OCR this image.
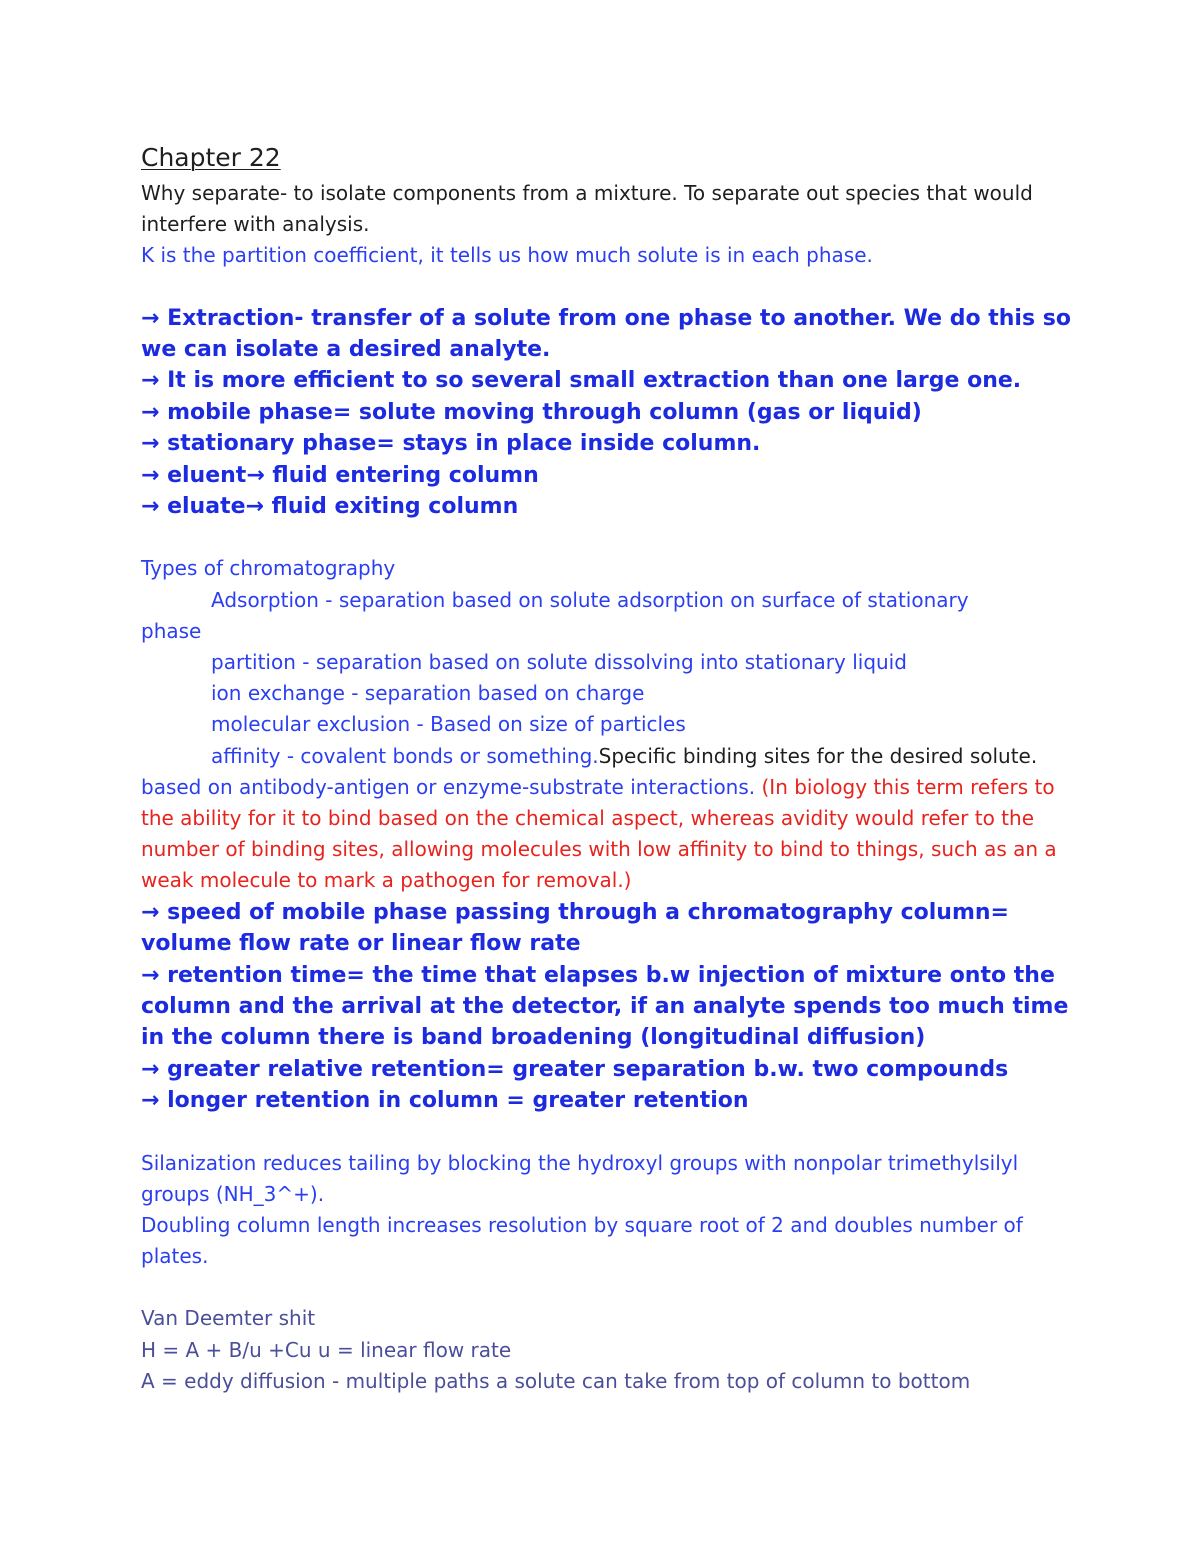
Chapter 22

Why separate- to isolate components from a mixture. To separate out species that would interfere with analysis.

K is the partition coefficient, it tells us how much solute is in each phase.

→ Extraction- transfer of a solute from one phase to another. We do this so we can isolate a desired analyte.

→ It is more efficient to so several small extraction than one large one.

→ mobile phase= solute moving through column (gas or liquid)

→ stationary phase= stays in place inside column.

→ eluent→ fluid entering column

→ eluate→ fluid exiting column

Types of chromatography

Adsorption - separation based on solute adsorption on surface of stationary

phase

partition - separation based on solute dissolving into stationary liquid

ion exchange - separation based on charge

molecular exclusion - Based on size of particles

affinity - covalent bonds or something.Specific binding sites for the desired solute. based on antibody-antigen or enzyme-substrate interactions. (In biology this term refers to the ability for it to bind based on the chemical aspect, whereas avidity would refer to the number of binding sites, allowing molecules with low affinity to bind to things, such as an a weak molecule to mark a pathogen for removal.)

→ speed of mobile phase passing through a chromatography column= volume flow rate or linear flow rate

→ retention time= the time that elapses b.w injection of mixture onto the column and the arrival at the detector, if an analyte spends too much time in the column there is band broadening (longitudinal diffusion)

→ greater relative retention= greater separation b.w. two compounds

→ longer retention in column = greater retention

Silanization reduces tailing by blocking the hydroxyl groups with nonpolar trimethylsilyl groups (NH_3^+).

Doubling column length increases resolution by square root of 2 and doubles number of plates.

Van Deemter shit

H = A + B/u +Cu u = linear flow rate

A = eddy diffusion - multiple paths a solute can take from top of column to bottom
